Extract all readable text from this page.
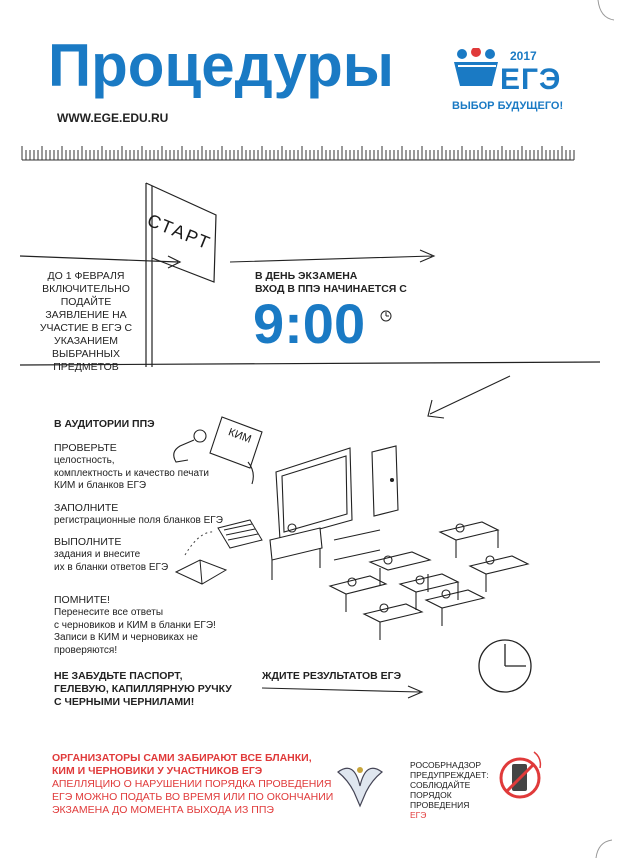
Процедуры
WWW.EGE.EDU.RU
2017
ЕГЭ
ВЫБОР БУДУЩЕГО!
СТАРТ
ДО 1 ФЕВРАЛЯ ВКЛЮЧИТЕЛЬНО ПОДАЙТЕ ЗАЯВЛЕНИЕ НА УЧАСТИЕ В ЕГЭ С УКАЗАНИЕМ ВЫБРАННЫХ ПРЕДМЕТОВ
В ДЕНЬ ЭКЗАМЕНА
ВХОД В ППЭ НАЧИНАЕТСЯ С
9:00
В АУДИТОРИИ ППЭ
КИМ
ПРОВЕРЬТЕ
целостность,
комплектность и качество печати
КИМ и бланков ЕГЭ
ЗАПОЛНИТЕ
регистрационные поля бланков ЕГЭ
ВЫПОЛНИТЕ
задания и внесите
их в бланки ответов ЕГЭ
ПОМНИТЕ!
Перенесите все ответы
с черновиков и КИМ в бланки ЕГЭ!
Записи в КИМ и черновиках не
проверяются!
НЕ ЗАБУДЬТЕ ПАСПОРТ,
ГЕЛЕВУЮ, КАПИЛЛЯРНУЮ РУЧКУ
С ЧЕРНЫМИ ЧЕРНИЛАМИ!
ЖДИТЕ РЕЗУЛЬТАТОВ ЕГЭ
ОРГАНИЗАТОРЫ САМИ ЗАБИРАЮТ ВСЕ БЛАНКИ,
КИМ И ЧЕРНОВИКИ У УЧАСТНИКОВ ЕГЭ
АПЕЛЛЯЦИЮ О НАРУШЕНИИ ПОРЯДКА ПРОВЕДЕНИЯ
ЕГЭ МОЖНО ПОДАТЬ ВО ВРЕМЯ ИЛИ ПО ОКОНЧАНИИ
ЭКЗАМЕНА ДО МОМЕНТА ВЫХОДА ИЗ ППЭ
РОСОБРНАДЗОР
ПРЕДУПРЕЖДАЕТ:
СОБЛЮДАЙТЕ
ПОРЯДОК
ПРОВЕДЕНИЯ
ЕГЭ
